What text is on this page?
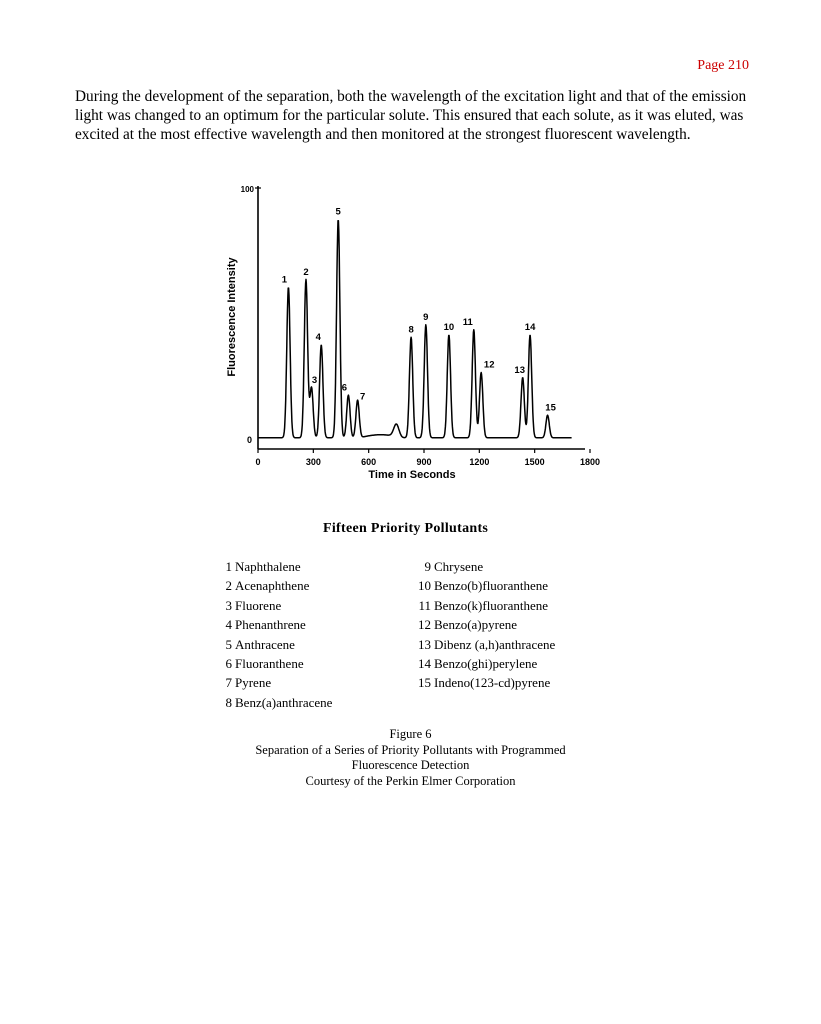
Page 210

During the development of the separation, both the wavelength of the excitation light and that of the emission light was changed to an optimum for the particular solute. This ensured that each solute, as it was eluted, was excited at the most effective wavelength and then monitored at the strongest fluorescent wavelength.

0
100
1
2
3
4
5
6
7
8
9
10 11
12 13
14
15
0	300	600	900	1200	1500	1800
Time in Seconds
Fluorescence Intensity
Fifteen Priority Pollutants
1 Naphthalene
2 Acenaphthene
3 Fluorene
4 Phenanthrene
5 Anthracene
6 Fluoranthene
7 Pyrene
8 Benz(a)anthracene
9 Chrysene
10 Benzo(b)fluoranthene
11 Benzo(k)fluoranthene
12 Benzo(a)pyrene
13 Dibenz (a,h)anthracene
14 Benzo(ghi)perylene
15 Indeno(123-cd)pyrene
Figure 6
Separation of a Series of Priority Pollutants with Programmed
Fluorescence Detection
Courtesy of the Perkin Elmer Corporation
